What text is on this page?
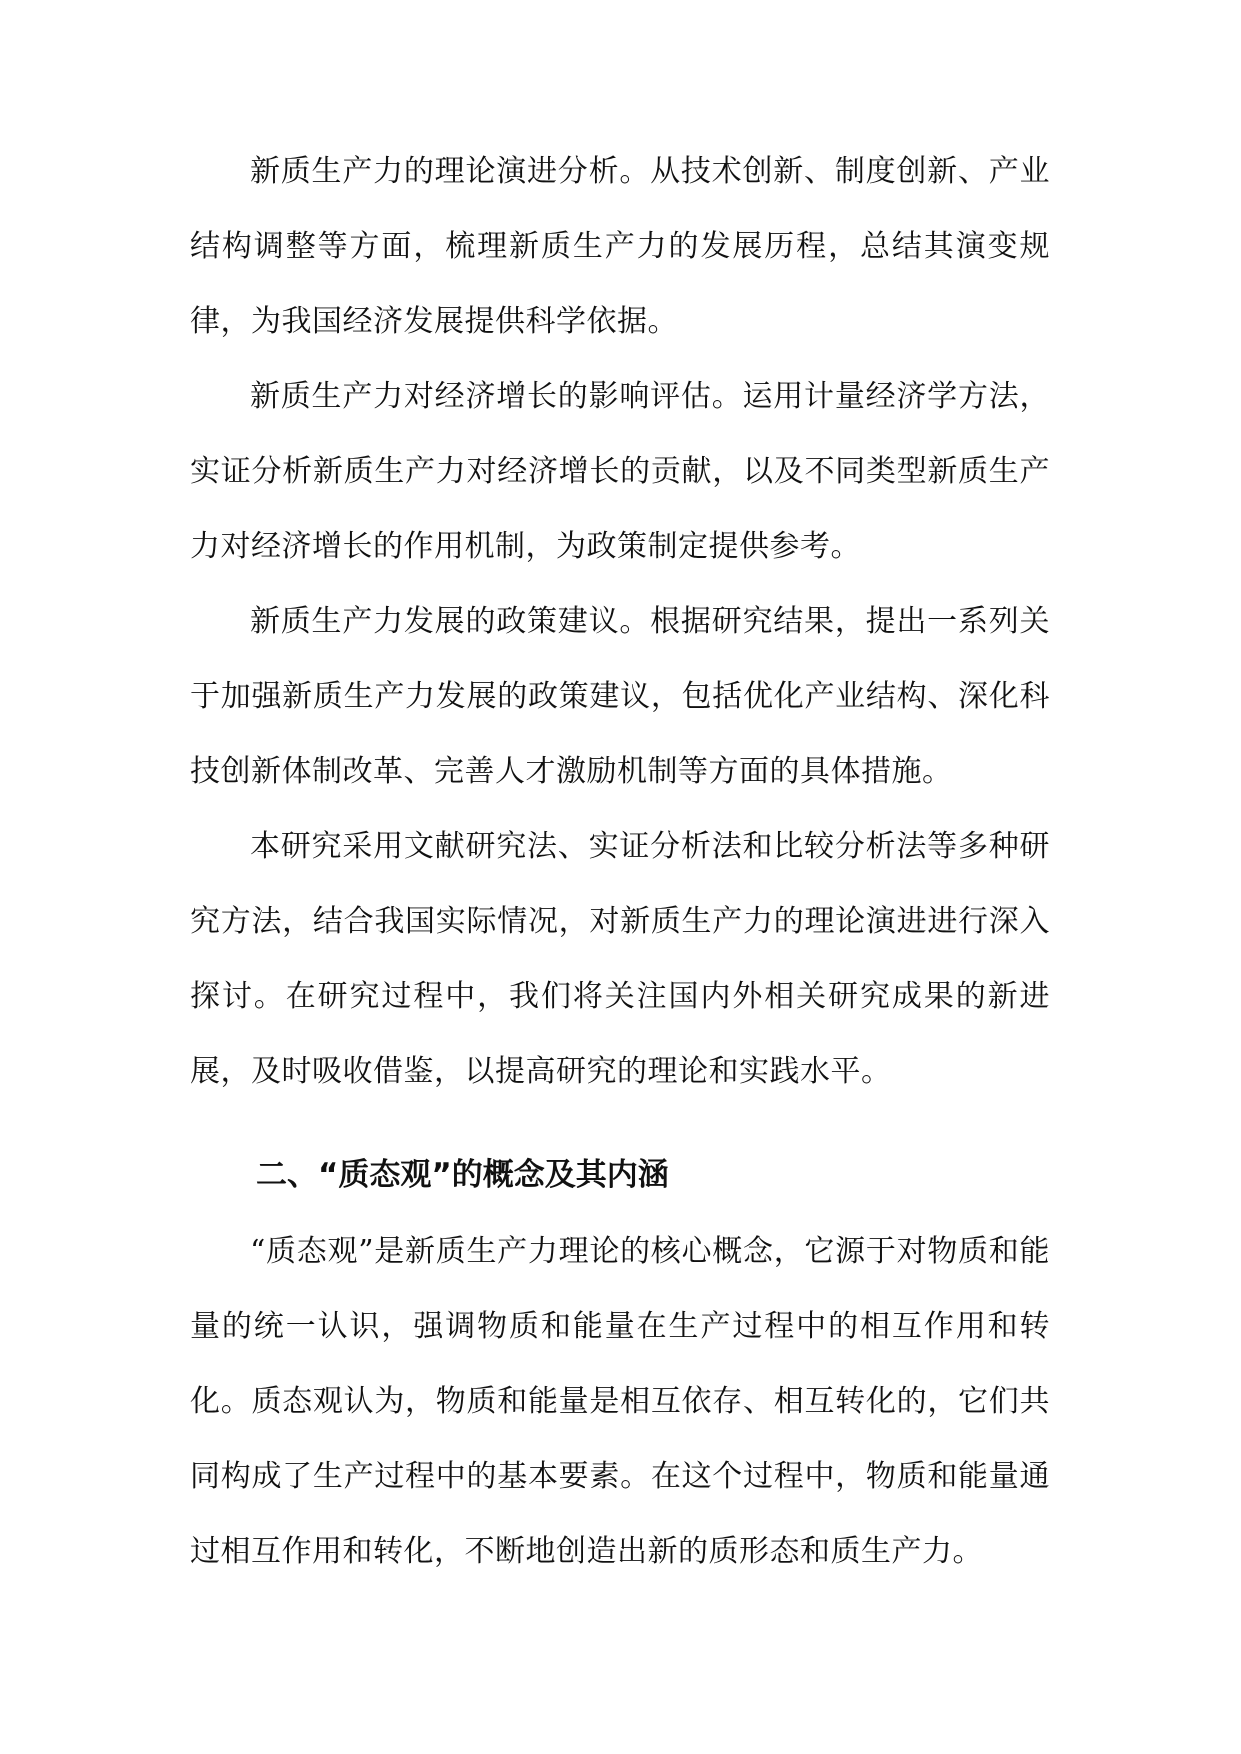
新质生产力的理论演进分析。从技术创新、制度创新、产业结构调整等方面，梳理新质生产力的发展历程，总结其演变规律，为我国经济发展提供科学依据。

新质生产力对经济增长的影响评估。运用计量经济学方法，实证分析新质生产力对经济增长的贡献，以及不同类型新质生产力对经济增长的作用机制，为政策制定提供参考。

新质生产力发展的政策建议。根据研究结果，提出一系列关于加强新质生产力发展的政策建议，包括优化产业结构、深化科技创新体制改革、完善人才激励机制等方面的具体措施。

本研究采用文献研究法、实证分析法和比较分析法等多种研究方法，结合我国实际情况，对新质生产力的理论演进进行深入探讨。在研究过程中，我们将关注国内外相关研究成果的新进展，及时吸收借鉴，以提高研究的理论和实践水平。

二、“质态观”的概念及其内涵

“质态观”是新质生产力理论的核心概念，它源于对物质和能量的统一认识，强调物质和能量在生产过程中的相互作用和转化。质态观认为，物质和能量是相互依存、相互转化的，它们共同构成了生产过程中的基本要素。在这个过程中，物质和能量通过相互作用和转化，不断地创造出新的质形态和质生产力。
